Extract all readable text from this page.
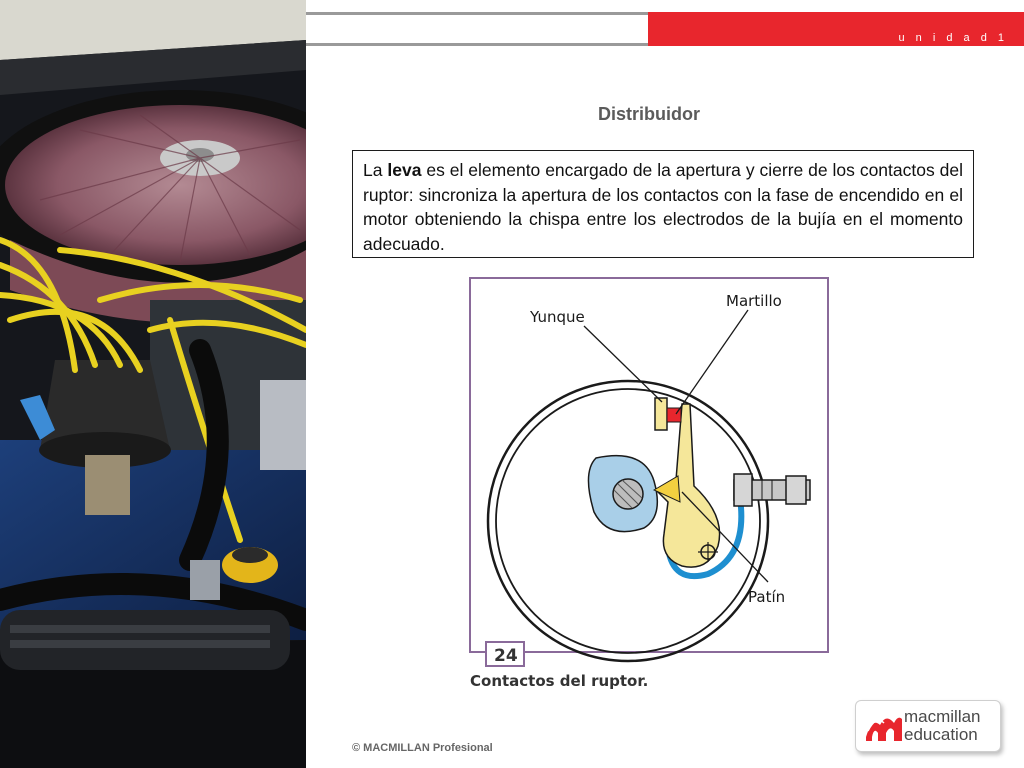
u n i d a d 1
Distribuidor
La leva es el elemento encargado de la apertura y cierre de los contactos del ruptor: sincroniza la apertura de los contactos con la fase de encendido en el motor obteniendo la chispa entre los electrodos de la bujía en el momento adecuado.
Yunque
Martillo
Patín
24
Contactos del ruptor.
© MACMILLAN Profesional
macmillan
education
